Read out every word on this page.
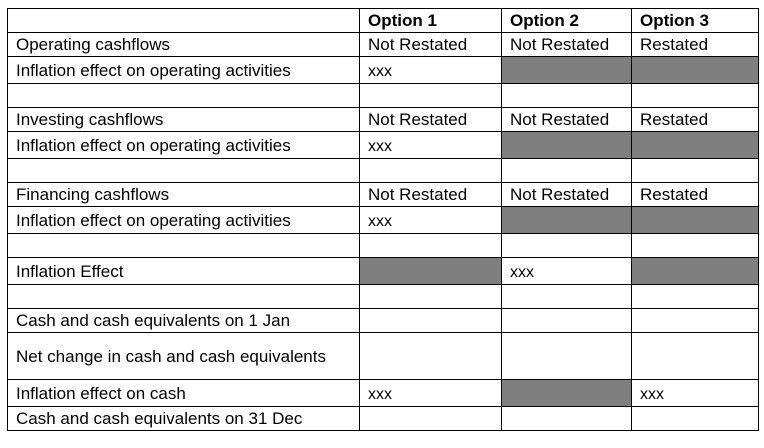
	Option 1	Option 2	Option 3
Operating cashflows	Not Restated	Not Restated	Restated
Inflation effect on operating activities	xxx		

Investing cashflows	Not Restated	Not Restated	Restated
Inflation effect on operating activities	xxx		

Financing cashflows	Not Restated	Not Restated	Restated
Inflation effect on operating activities	xxx		

Inflation Effect		xxx	

Cash and cash equivalents on 1 Jan			
Net change in cash and cash equivalents			
Inflation effect on cash	xxx		xxx
Cash and cash equivalents on 31 Dec			
